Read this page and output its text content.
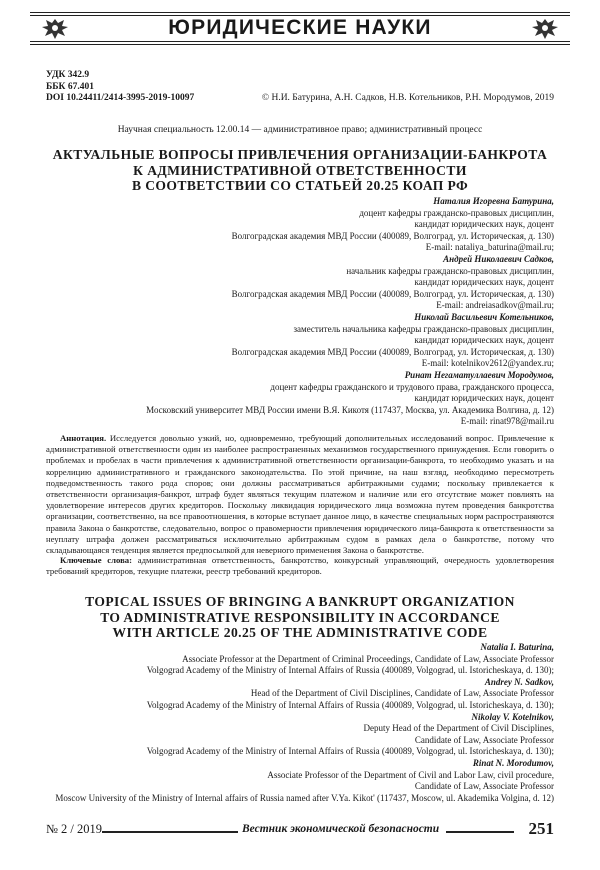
ЮРИДИЧЕСКИЕ НАУКИ
УДК 342.9
ББК 67.401
DOI 10.24411/2414-3995-2019-10097	© Н.И. Батурина, А.Н. Садков, Н.В. Котельников, Р.Н. Мородумов, 2019
Научная специальность 12.00.14 — административное право; административный процесс
АКТУАЛЬНЫЕ ВОПРОСЫ ПРИВЛЕЧЕНИЯ ОРГАНИЗАЦИИ-БАНКРОТА
К АДМИНИСТРАТИВНОЙ ОТВЕТСТВЕННОСТИ
В СООТВЕТСТВИИ СО СТАТЬЕЙ 20.25 КОАП РФ
Наталия Игоревна Батурина,
доцент кафедры гражданско-правовых дисциплин,
кандидат юридических наук, доцент
Волгоградская академия МВД России (400089, Волгоград, ул. Историческая, д. 130)
E-mail: nataliya_baturina@mail.ru;
Андрей Николаевич Садков,
начальник кафедры гражданско-правовых дисциплин,
кандидат юридических наук, доцент
Волгоградская академия МВД России (400089, Волгоград, ул. Историческая, д. 130)
E-mail: andreiasadkov@mail.ru;
Николай Васильевич Котельников,
заместитель начальника кафедры гражданско-правовых дисциплин,
кандидат юридических наук, доцент
Волгоградская академия МВД России (400089, Волгоград, ул. Историческая, д. 130)
E-mail: kotelnikov2612@yandex.ru;
Ринат Негаматуллаевич Мородумов,
доцент кафедры гражданского и трудового права, гражданского процесса,
кандидат юридических наук, доцент
Московский университет МВД России имени В.Я. Кикотя (117437, Москва, ул. Академика Волгина, д. 12)
E-mail: rinat978@mail.ru
Аннотация. Исследуется довольно узкий, но, одновременно, требующий дополнительных исследований вопрос. Привлечение к административной ответственности один из наиболее распространенных механизмов государственного принуждения. Если говорить о проблемах и пробелах в части привлечения к административной ответственности организации-банкрота, то необходимо указать и на коррелицию административного и гражданского законодательства. По этой причине, на наш взгляд, необходимо пересмотреть подведомственность такого рода споров; они должны рассматриваться арбитражными судами; поскольку привлекается к ответственности организация-банкрот, штраф будет являться текущим платежом и наличие или его отсутствие может повлиять на удовлетворение интересов других кредиторов. Поскольку ликвидация юридического лица возможна путем проведения банкротства организации, соответственно, на все правоотношения, в которые вступает данное лицо, в качестве специальных норм распространяются правила Закона о банкротстве, следовательно, вопрос о правомерности привлечения юридического лица-банкрота к ответственности за неуплату штрафа должен рассматриваться исключительно арбитражным судом в рамках дела о банкротстве, потому что складывающаяся тенденция является предпосылкой для неверного применения Закона о банкротстве.
Ключевые слова: административная ответственность, банкротство, конкурсный управляющий, очередность удовлетворения требований кредиторов, текущие платежи, реестр требований кредиторов.
TOPICAL ISSUES OF BRINGING A BANKRUPT ORGANIZATION
TO ADMINISTRATIVE RESPONSIBILITY IN ACCORDANCE
WITH ARTICLE 20.25 OF THE ADMINISTRATIVE CODE
Natalia I. Baturina,
Associate Professor at the Department of Criminal Proceedings, Candidate of Law, Associate Professor
Volgograd Academy of the Ministry of Internal Affairs of Russia (400089, Volgograd, ul. Istoricheskaya, d. 130);
Andrey N. Sadkov,
Head of the Department of Civil Disciplines, Candidate of Law, Associate Professor
Volgograd Academy of the Ministry of Internal Affairs of Russia (400089, Volgograd, ul. Istoricheskaya, d. 130);
Nikolay V. Kotelnikov,
Deputy Head of the Department of Civil Disciplines,
Candidate of Law, Associate Professor
Volgograd Academy of the Ministry of Internal Affairs of Russia (400089, Volgograd, ul. Istoricheskaya, d. 130);
Rinat N. Morodumov,
Associate Professor of the Department of Civil and Labor Law, civil procedure,
Candidate of Law, Associate Professor
Moscow University of the Ministry of Internal affairs of Russia named after V.Ya. Kikot' (117437, Moscow, ul. Akademika Volgina, d. 12)
№ 2 / 2019	Вестник экономической безопасности	251
